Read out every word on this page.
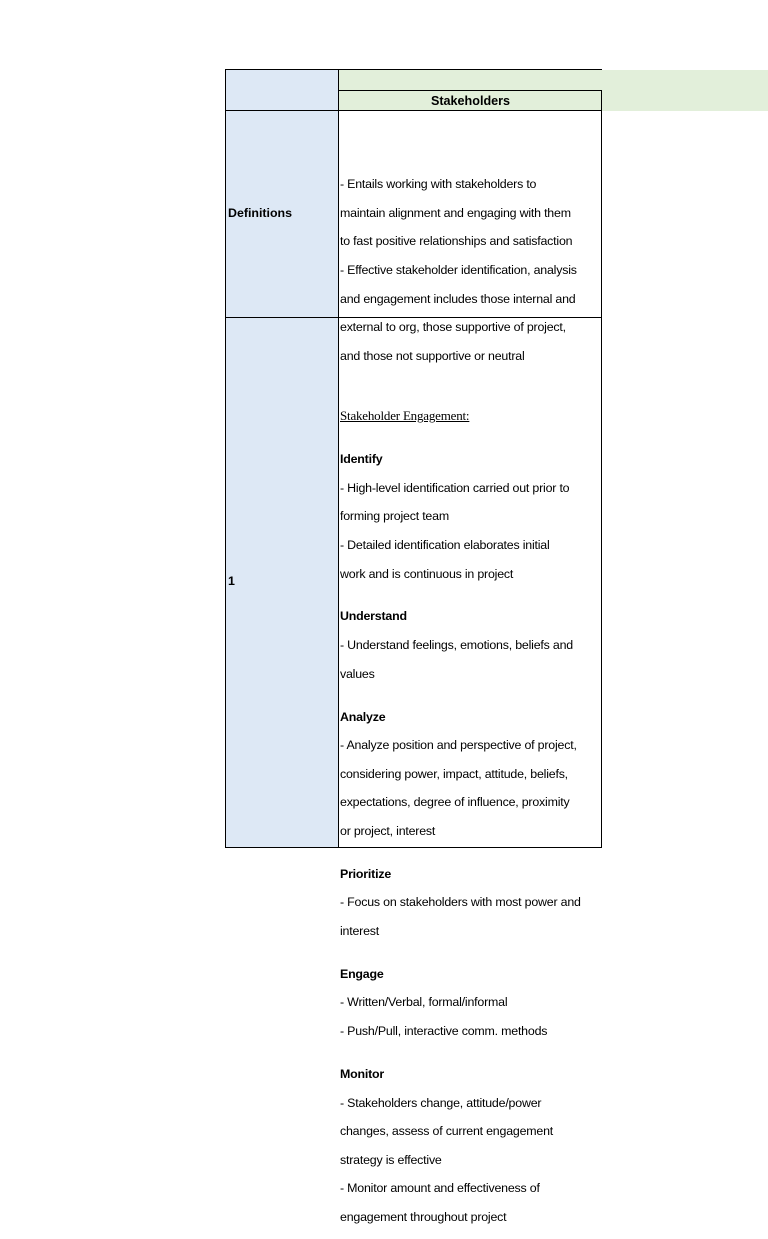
Stakeholders
Definitions

- Entails working with stakeholders to

maintain alignment and engaging with them

to fast positive relationships and satisfaction

- Effective stakeholder identification, analysis

and engagement includes those internal and

external to org, those supportive of project,

and those not supportive or neutral

1

Stakeholder Engagement:

Identify

- High-level identification carried out prior to

forming project team

- Detailed identification elaborates initial

work and is continuous in project

Understand

- Understand feelings, emotions, beliefs and

values

Analyze

- Analyze position and perspective of project,

considering power, impact, attitude, beliefs,

expectations, degree of influence, proximity

or project, interest

Prioritize

- Focus on stakeholders with most power and

interest

Engage

- Written/Verbal, formal/informal

- Push/Pull, interactive comm. methods

Monitor

- Stakeholders change, attitude/power

changes, assess of current engagement

strategy is effective

- Monitor amount and effectiveness of

engagement throughout project
